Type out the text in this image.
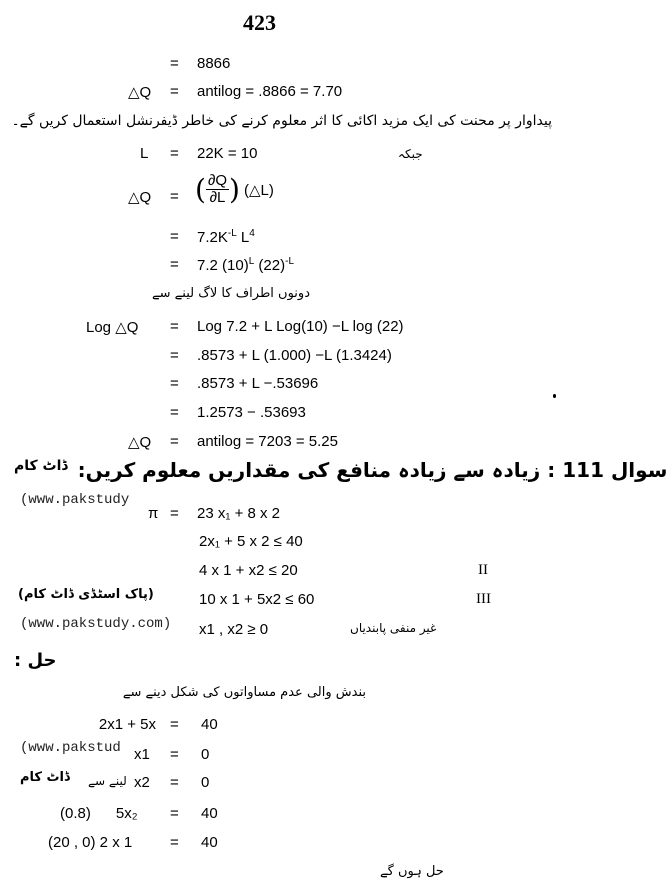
423
= 8866
△Q = antilog = .8866 = 7.70
پیداوار پر محنت کی ایک مزید اکائی کا اثر معلوم کرنے کی خاطر ڈیفرنشل استعمال کریں گے۔
L = 22K = 10	جبکہ
△Q = ( $\frac{\partial Q}{\partial L}$ ) (△L)
= $7.2K^{-L}$ $L^4$
= 7.2 $(10)^L$ $(22)^{-L}$
دونوں اطراف کا لاگ لینے سے
Log △Q = Log 7.2 + L Log(10) −L log (22)
= .8573 + L (1.000) −L (1.3424)
= .8573 + L −.53696
= 1.2573 − .53693
△Q = antilog = 7203 = 5.25
ڈاٹ کام سوال 111 : زیادہ سے زیادہ منافع کی مقداریں معلوم کریں:
(www.pakstudy
π = 23 x₁ + 8 x 2
2x₁ + 5 x 2 ≤ 40
4 x 1 + x2 ≤ 20	II
(پاک اسٹڈی ڈاٹ کام)	10 x 1 + 5x2 ≤ 60	III
(www.pakstudy.com) x1 , x2 ≥ 0	غیر منفی پابندیاں
حل :
بندش والی عدم مساواتوں کی شکل دینے سے
2x1 + 5x = 40
(www.pakstud x1 = 0
ڈاٹ کام لینے سے x2 = 0
(0.8)      5x₂ = 40
(20 , 0) 2 x 1	= 40
حل ہوں گے
